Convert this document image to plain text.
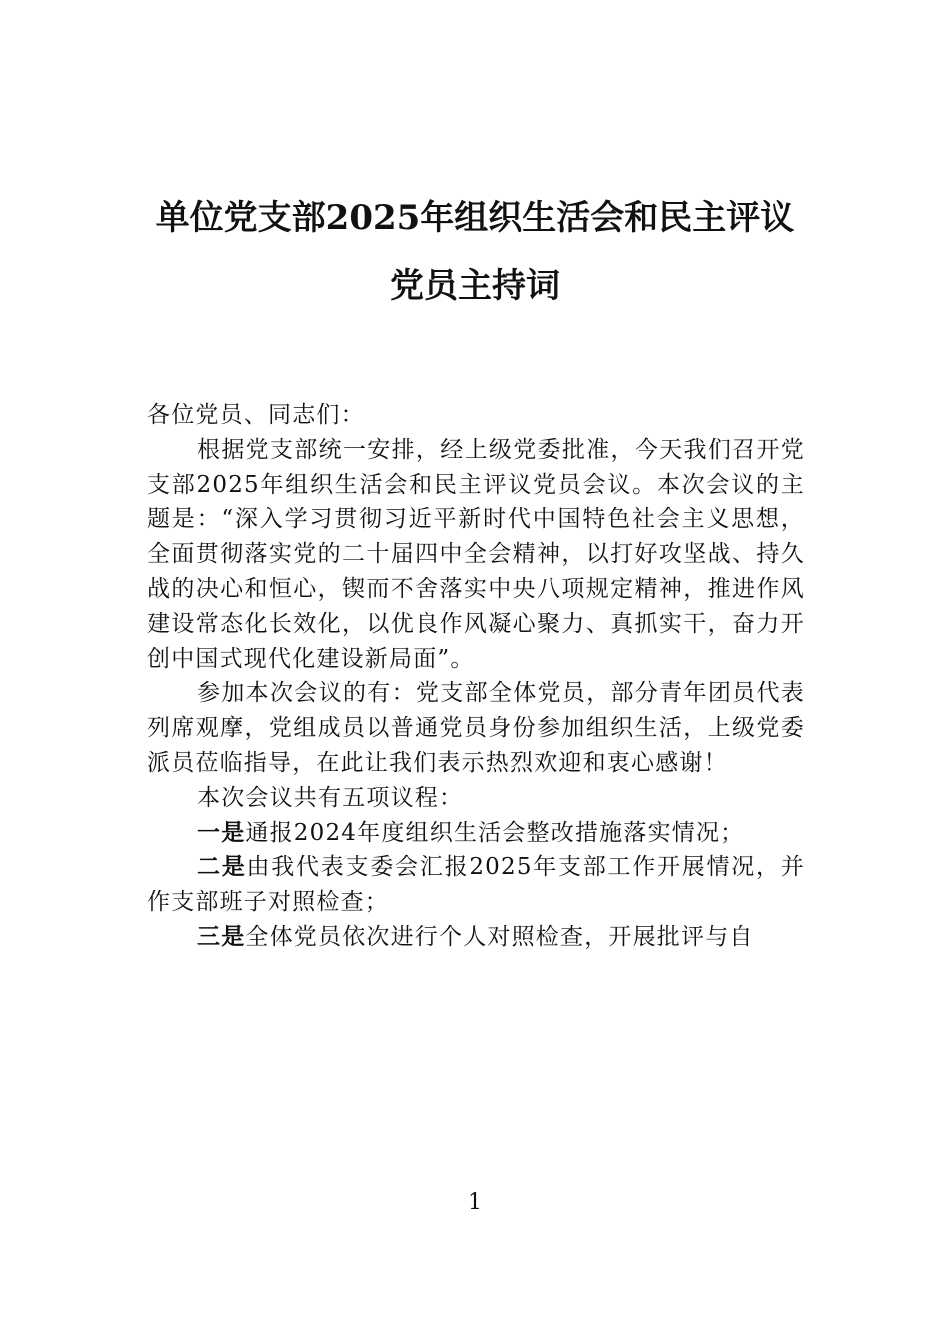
单位党支部2025年组织生活会和民主评议
党员主持词

各位党员、同志们：

根据党支部统一安排，经上级党委批准，今天我们召开党支部2025年组织生活会和民主评议党员会议。本次会议的主题是：“深入学习贯彻习近平新时代中国特色社会主义思想，全面贯彻落实党的二十届四中全会精神，以打好攻坚战、持久战的决心和恒心，锲而不舍落实中央八项规定精神，推进作风建设常态化长效化，以优良作风凝心聚力、真抓实干，奋力开创中国式现代化建设新局面”。

参加本次会议的有：党支部全体党员，部分青年团员代表列席观摩，党组成员以普通党员身份参加组织生活，上级党委派员莅临指导，在此让我们表示热烈欢迎和衷心感谢！

本次会议共有五项议程：

一是通报2024年度组织生活会整改措施落实情况；

二是由我代表支委会汇报2025年支部工作开展情况，并作支部班子对照检查；

三是全体党员依次进行个人对照检查，开展批评与自

1
